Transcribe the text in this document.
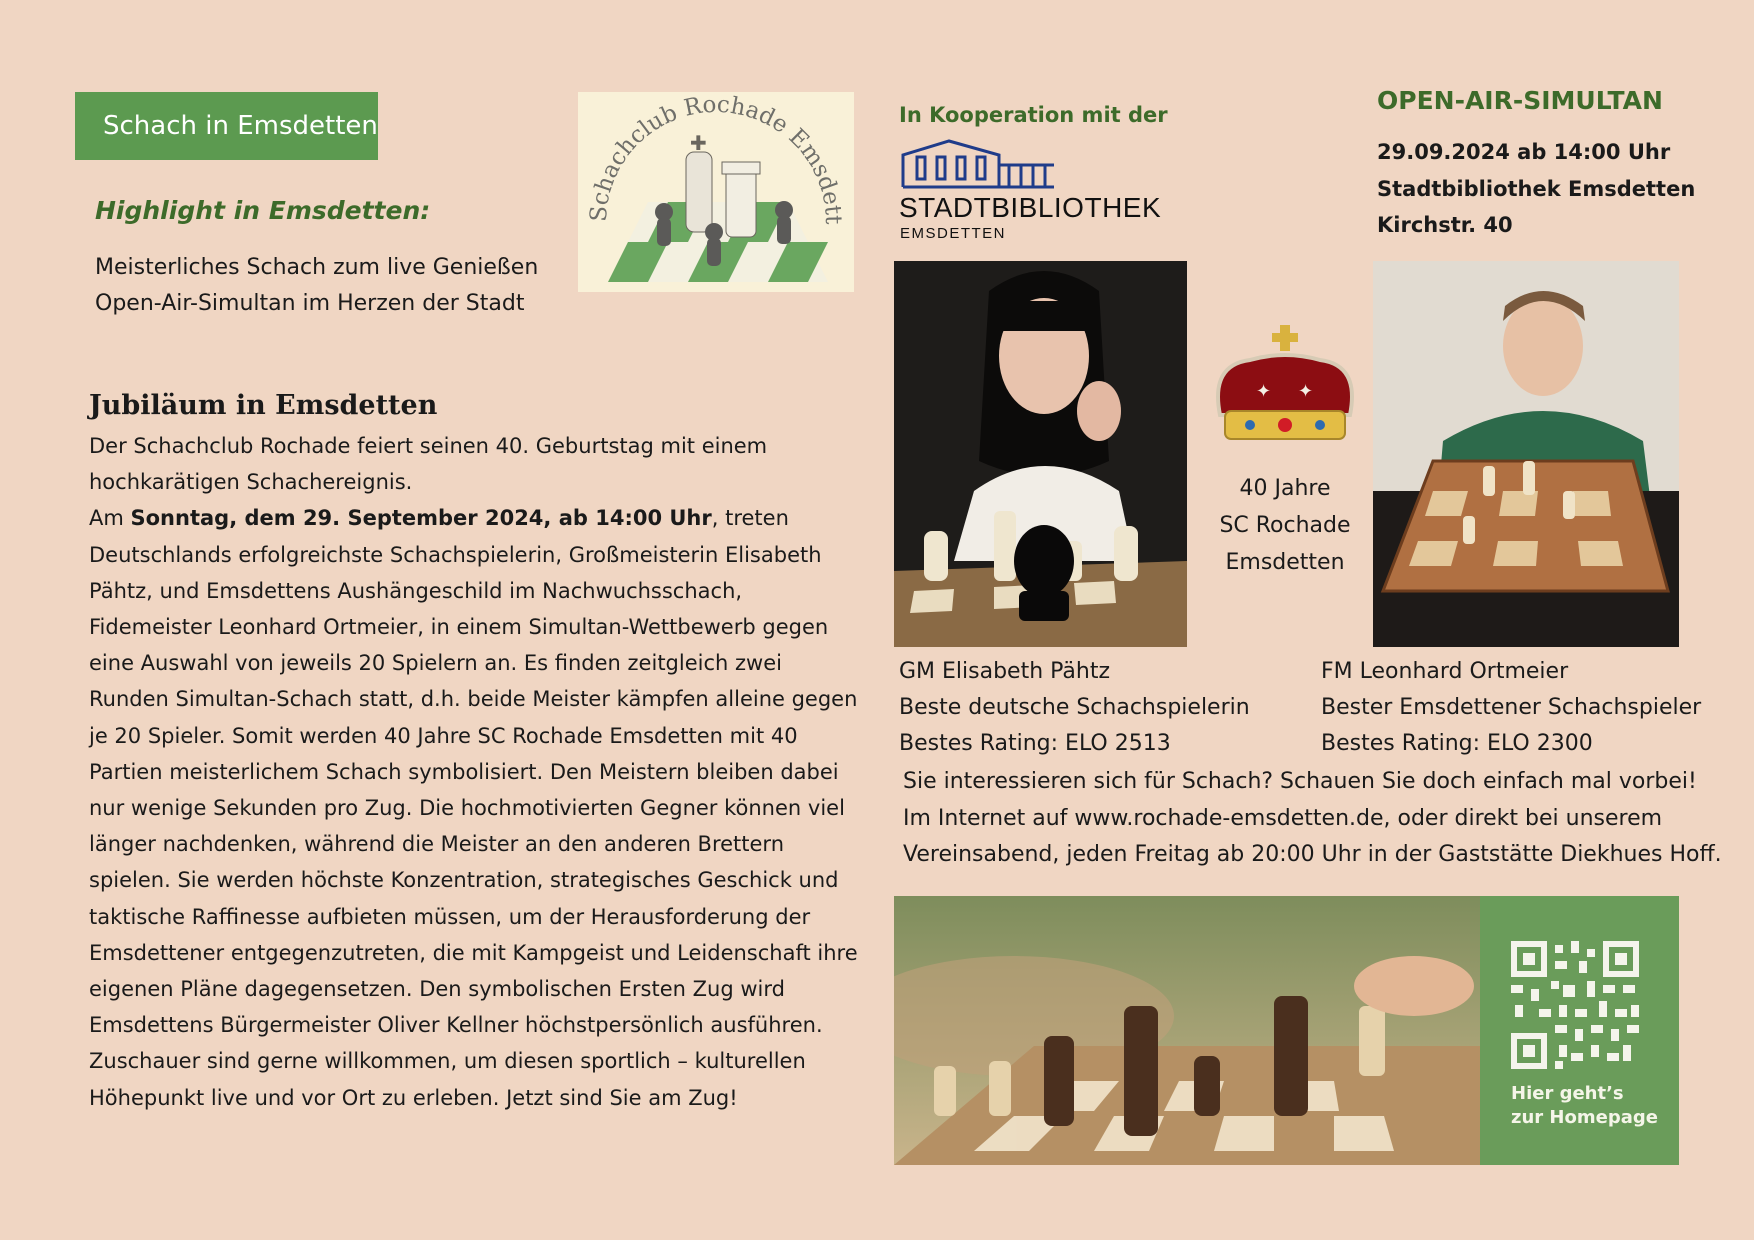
Schach in Emsdetten
Highlight in Emsdetten:
Meisterliches Schach zum live Genießen
Open-Air-Simultan im Herzen der Stadt
Schachclub Rochade Emsdett
✚
In Kooperation mit der
STADTBIBLIOTHEK
EMSDETTEN
OPEN-AIR-SIMULTAN
29.09.2024 ab 14:00 Uhr
Stadtbibliothek Emsdetten
Kirchstr. 40
✦ ✦
40 Jahre
SC Rochade
Emsdetten
GM Elisabeth Pähtz
Beste deutsche Schachspielerin
Bestes Rating: ELO 2513
FM Leonhard Ortmeier
Bester Emsdettener Schachspieler
Bestes Rating: ELO 2300
Sie interessieren sich für Schach? Schauen Sie doch einfach mal vorbei!
Im Internet auf www.rochade-emsdetten.de, oder direkt bei unserem
Vereinsabend, jeden Freitag ab 20:00 Uhr in der Gaststätte Diekhues Hoff.
Jubiläum in Emsdetten

Der Schachclub Rochade feiert seinen 40. Geburtstag mit einem hochkarätigen Schachereignis.

Am Sonntag, dem 29. September 2024, ab 14:00 Uhr, treten Deutschlands erfolgreichste Schachspielerin, Großmeisterin Elisabeth Pähtz, und Emsdettens Aushängeschild im Nachwuchsschach, Fidemeister Leonhard Ortmeier, in einem Simultan-Wettbewerb gegen eine Auswahl von jeweils 20 Spielern an. Es finden zeitgleich zwei Runden Simultan-Schach statt, d.h. beide Meister kämpfen alleine gegen je 20 Spieler. Somit werden 40 Jahre SC Rochade Emsdetten mit 40 Partien meisterlichem Schach symbolisiert. Den Meistern bleiben dabei nur wenige Sekunden pro Zug. Die hochmotivierten Gegner können viel länger nachdenken, während die Meister an den anderen Brettern spielen. Sie werden höchste Konzentration, strategisches Geschick und taktische Raffinesse aufbieten müssen, um der Herausforderung der Emsdettener entgegenzutreten, die mit Kampgeist und Leidenschaft ihre eigenen Pläne dagegensetzen. Den symbolischen Ersten Zug wird Emsdettens Bürgermeister Oliver Kellner höchstpersönlich ausführen. Zuschauer sind gerne willkommen, um diesen sportlich – kulturellen Höhepunkt live und vor Ort zu erleben. Jetzt sind Sie am Zug!	Hier geht’s
zur Homepage
